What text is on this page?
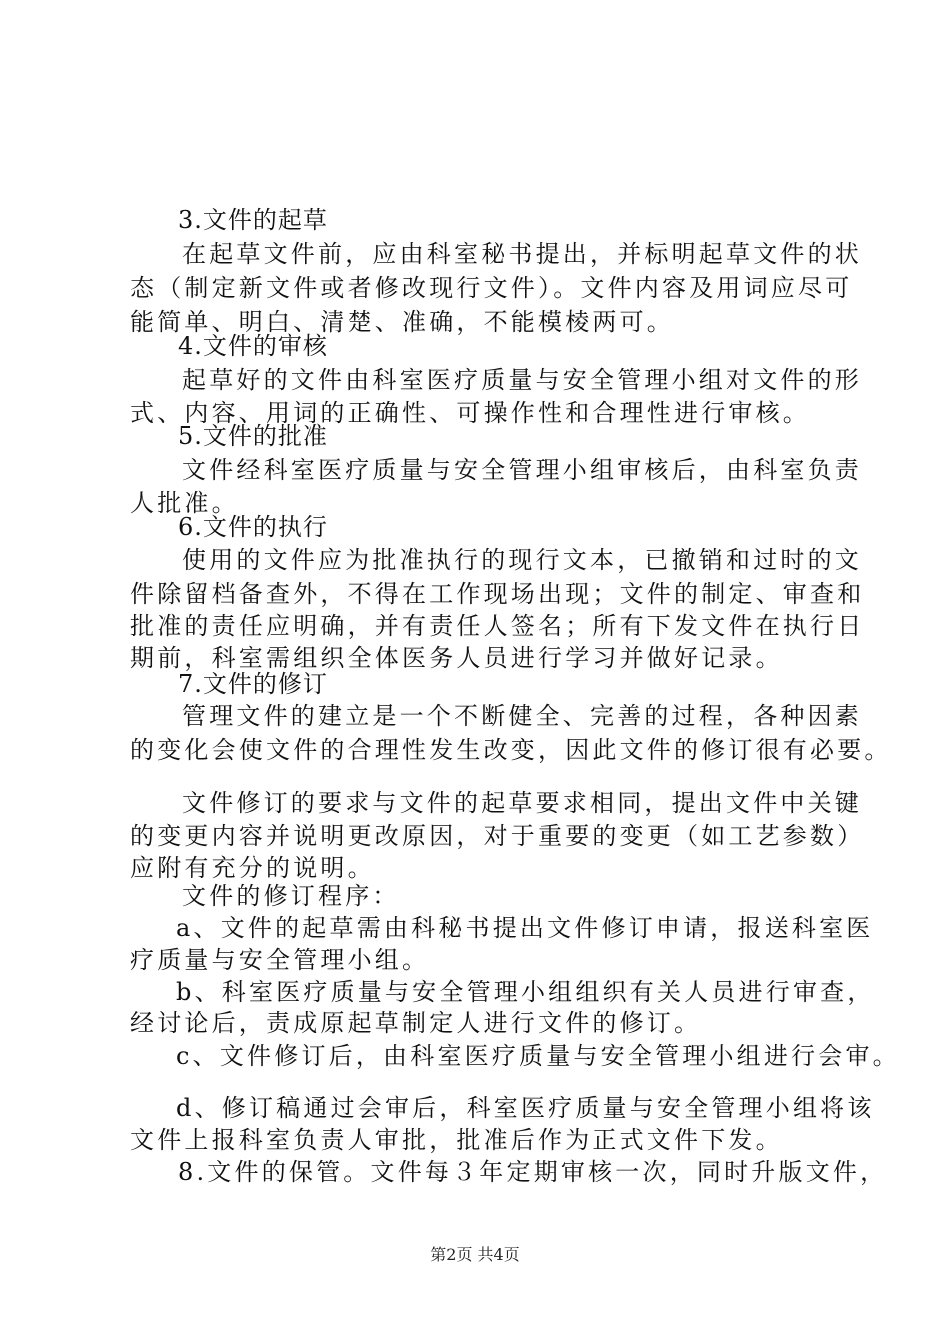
3.文件的起草
在起草文件前，应由科室秘书提出，并标明起草文件的状
态（制定新文件或者修改现行文件）。文件内容及用词应尽可
能简单、明白、清楚、准确，不能模棱两可。
4.文件的审核
起草好的文件由科室医疗质量与安全管理小组对文件的形
式、内容、用词的正确性、可操作性和合理性进行审核。
5.文件的批准
文件经科室医疗质量与安全管理小组审核后，由科室负责
人批准。
6.文件的执行
使用的文件应为批准执行的现行文本，已撤销和过时的文
件除留档备查外，不得在工作现场出现；文件的制定、审查和
批准的责任应明确，并有责任人签名；所有下发文件在执行日
期前，科室需组织全体医务人员进行学习并做好记录。
7.文件的修订
管理文件的建立是一个不断健全、完善的过程，各种因素
的变化会使文件的合理性发生改变，因此文件的修订很有必要。
文件修订的要求与文件的起草要求相同，提出文件中关键
的变更内容并说明更改原因，对于重要的变更（如工艺参数）
应附有充分的说明。
文件的修订程序：
a、文件的起草需由科秘书提出文件修订申请，报送科室医
疗质量与安全管理小组。
b、科室医疗质量与安全管理小组组织有关人员进行审查，
经讨论后，责成原起草制定人进行文件的修订。
c、文件修订后，由科室医疗质量与安全管理小组进行会审。
d、修订稿通过会审后，科室医疗质量与安全管理小组将该
文件上报科室负责人审批，批准后作为正式文件下发。
8.文件的保管。文件每３年定期审核一次，同时升版文件，
第2页 共4页
